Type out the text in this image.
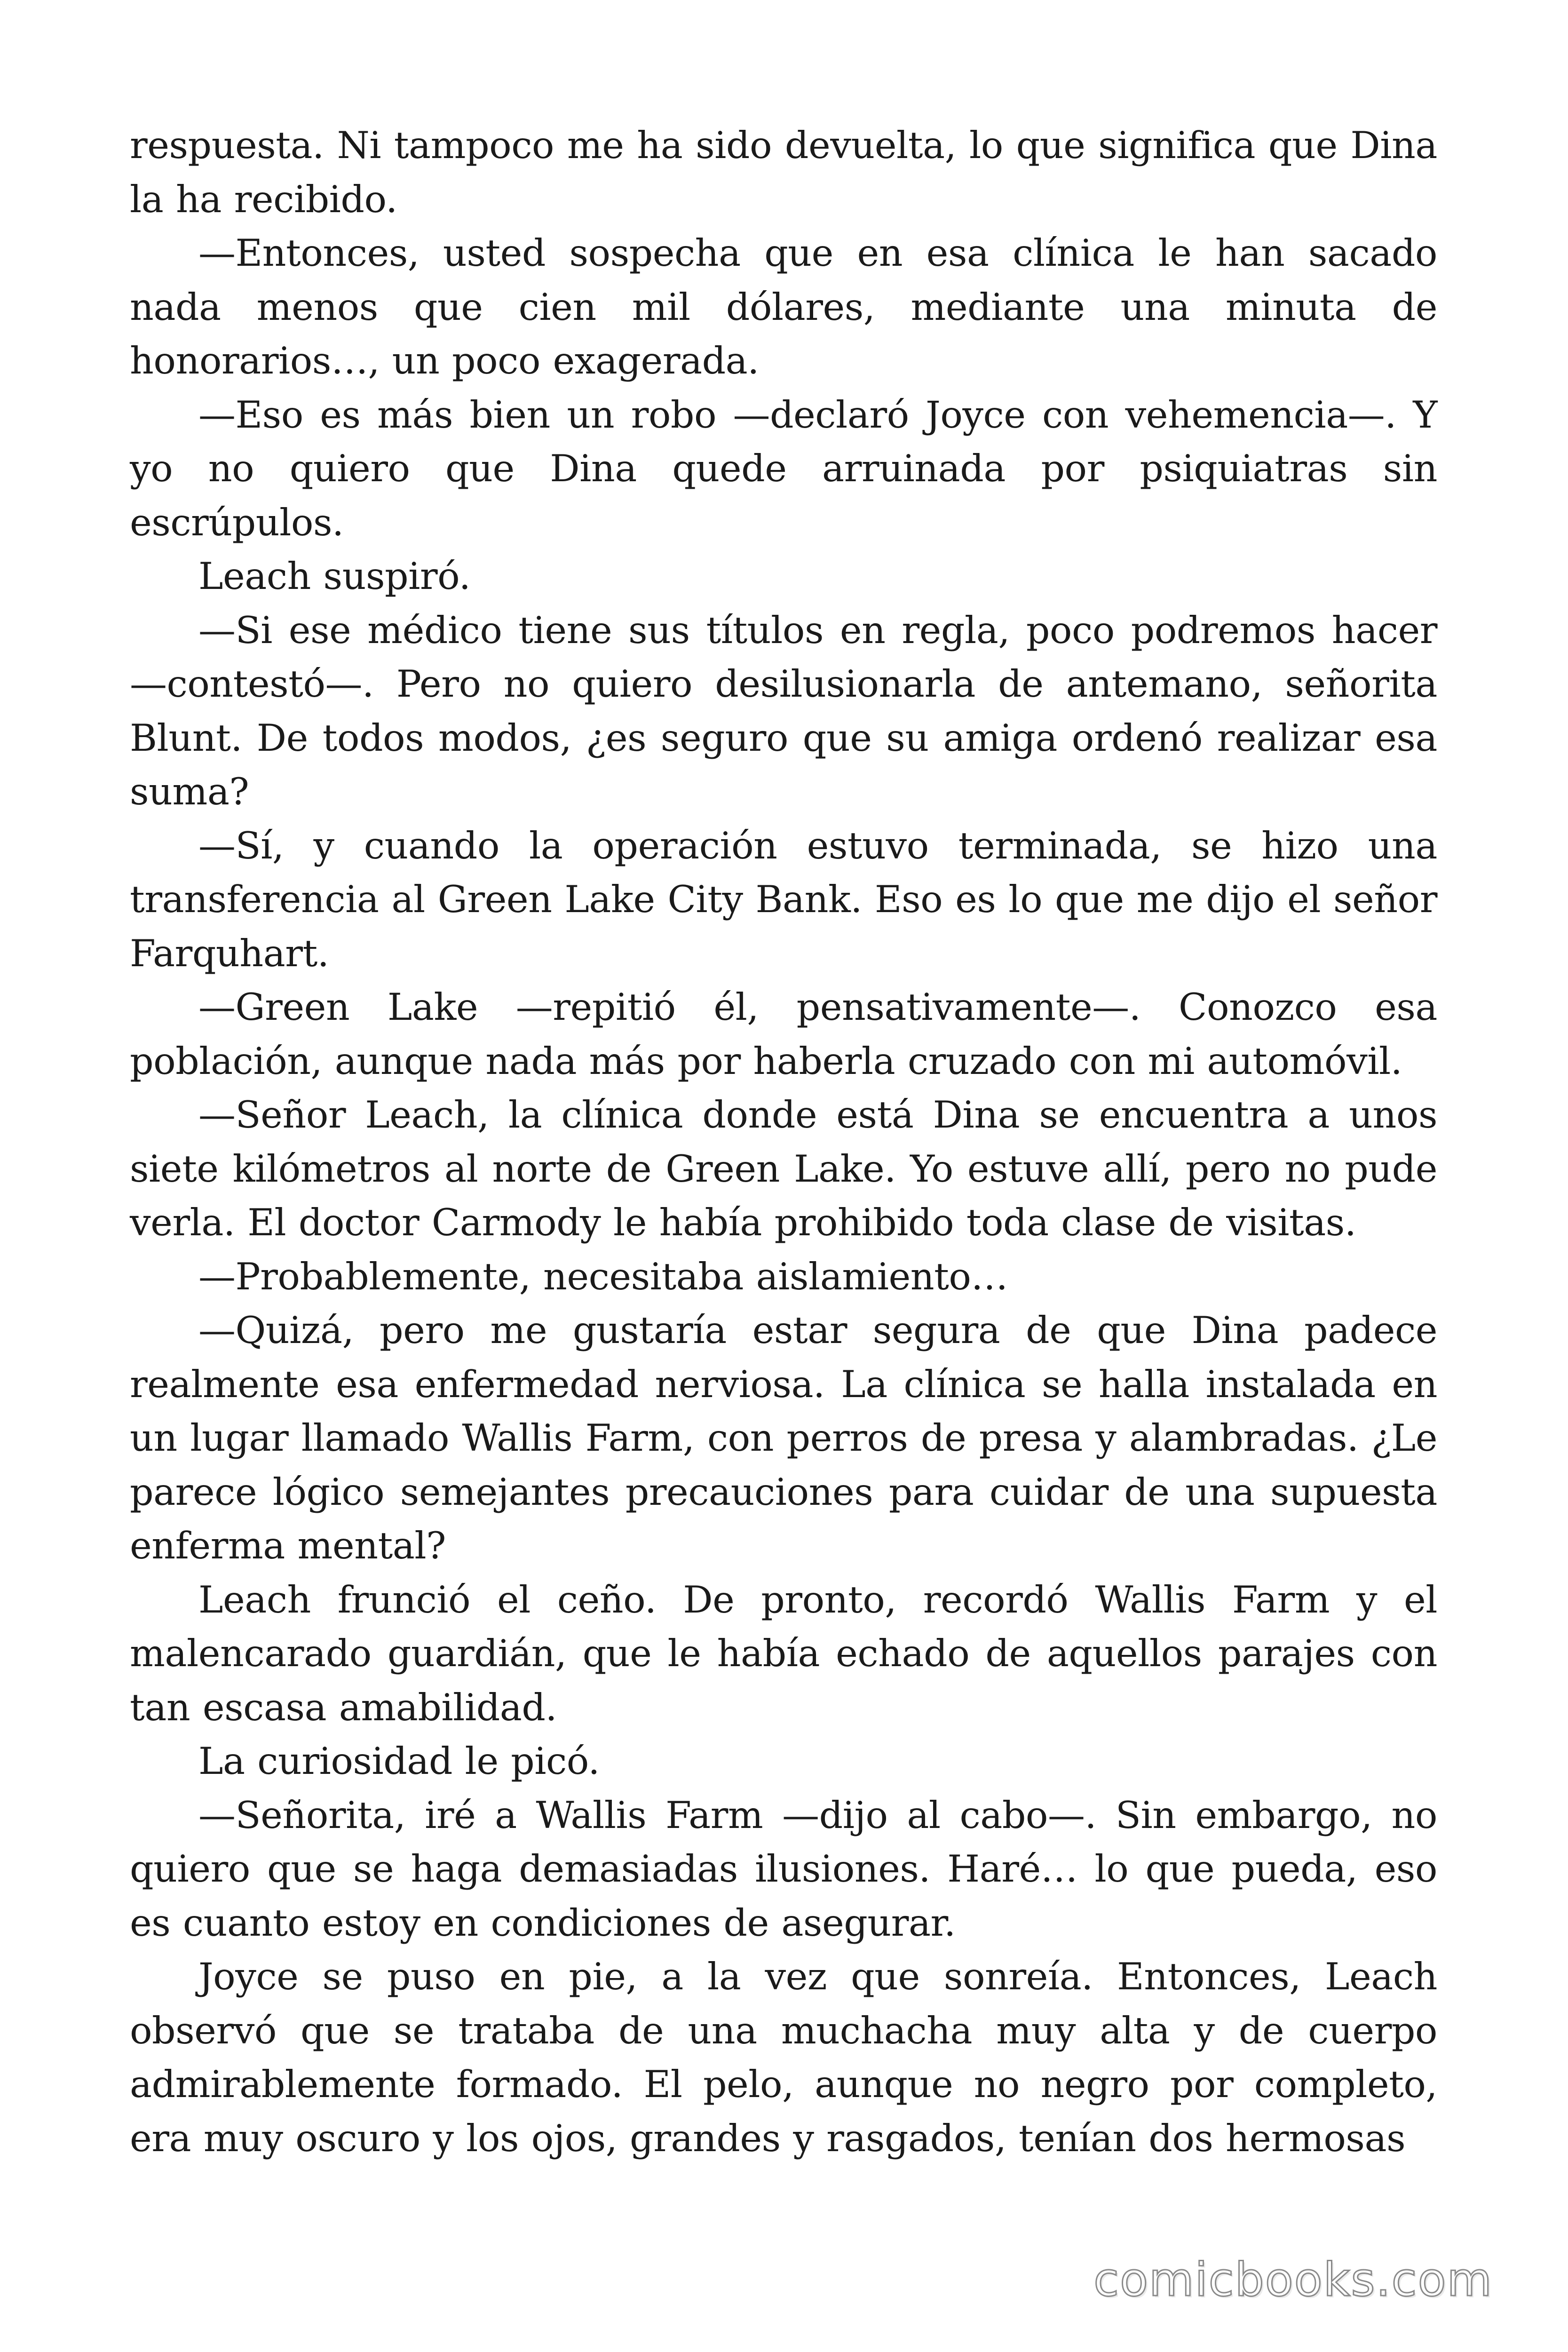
respuesta. Ni tampoco me ha sido devuelta, lo que significa que Dina la ha recibido.

—Entonces, usted sospecha que en esa clínica le han sacado nada menos que cien mil dólares, mediante una minuta de honorarios…, un poco exagerada.

—Eso es más bien un robo —declaró Joyce con vehemencia—. Y yo no quiero que Dina quede arruinada por psiquiatras sin escrúpulos.

Leach suspiró.

—Si ese médico tiene sus títulos en regla, poco podremos hacer —contestó—. Pero no quiero desilusionarla de antemano, señorita Blunt. De todos modos, ¿es seguro que su amiga ordenó realizar esa suma?

—Sí, y cuando la operación estuvo terminada, se hizo una transferencia al Green Lake City Bank. Eso es lo que me dijo el señor Farquhart.

—Green Lake —repitió él, pensativamente—. Conozco esa población, aunque nada más por haberla cruzado con mi automóvil.

—Señor Leach, la clínica donde está Dina se encuentra a unos siete kilómetros al norte de Green Lake. Yo estuve allí, pero no pude verla. El doctor Carmody le había prohibido toda clase de visitas.

—Probablemente, necesitaba aislamiento…

—Quizá, pero me gustaría estar segura de que Dina padece realmente esa enfermedad nerviosa. La clínica se halla instalada en un lugar llamado Wallis Farm, con perros de presa y alambradas. ¿Le parece lógico semejantes precauciones para cuidar de una supuesta enferma mental?

Leach frunció el ceño. De pronto, recordó Wallis Farm y el malencarado guardián, que le había echado de aquellos parajes con tan escasa amabilidad.

La curiosidad le picó.

—Señorita, iré a Wallis Farm —dijo al cabo—. Sin embargo, no quiero que se haga demasiadas ilusiones. Haré… lo que pueda, eso es cuanto estoy en condiciones de asegurar.

Joyce se puso en pie, a la vez que sonreía. Entonces, Leach observó que se trataba de una muchacha muy alta y de cuerpo admirablemente formado. El pelo, aunque no negro por completo, era muy oscuro y los ojos, grandes y rasgados, tenían dos hermosas

comicbooks.com
